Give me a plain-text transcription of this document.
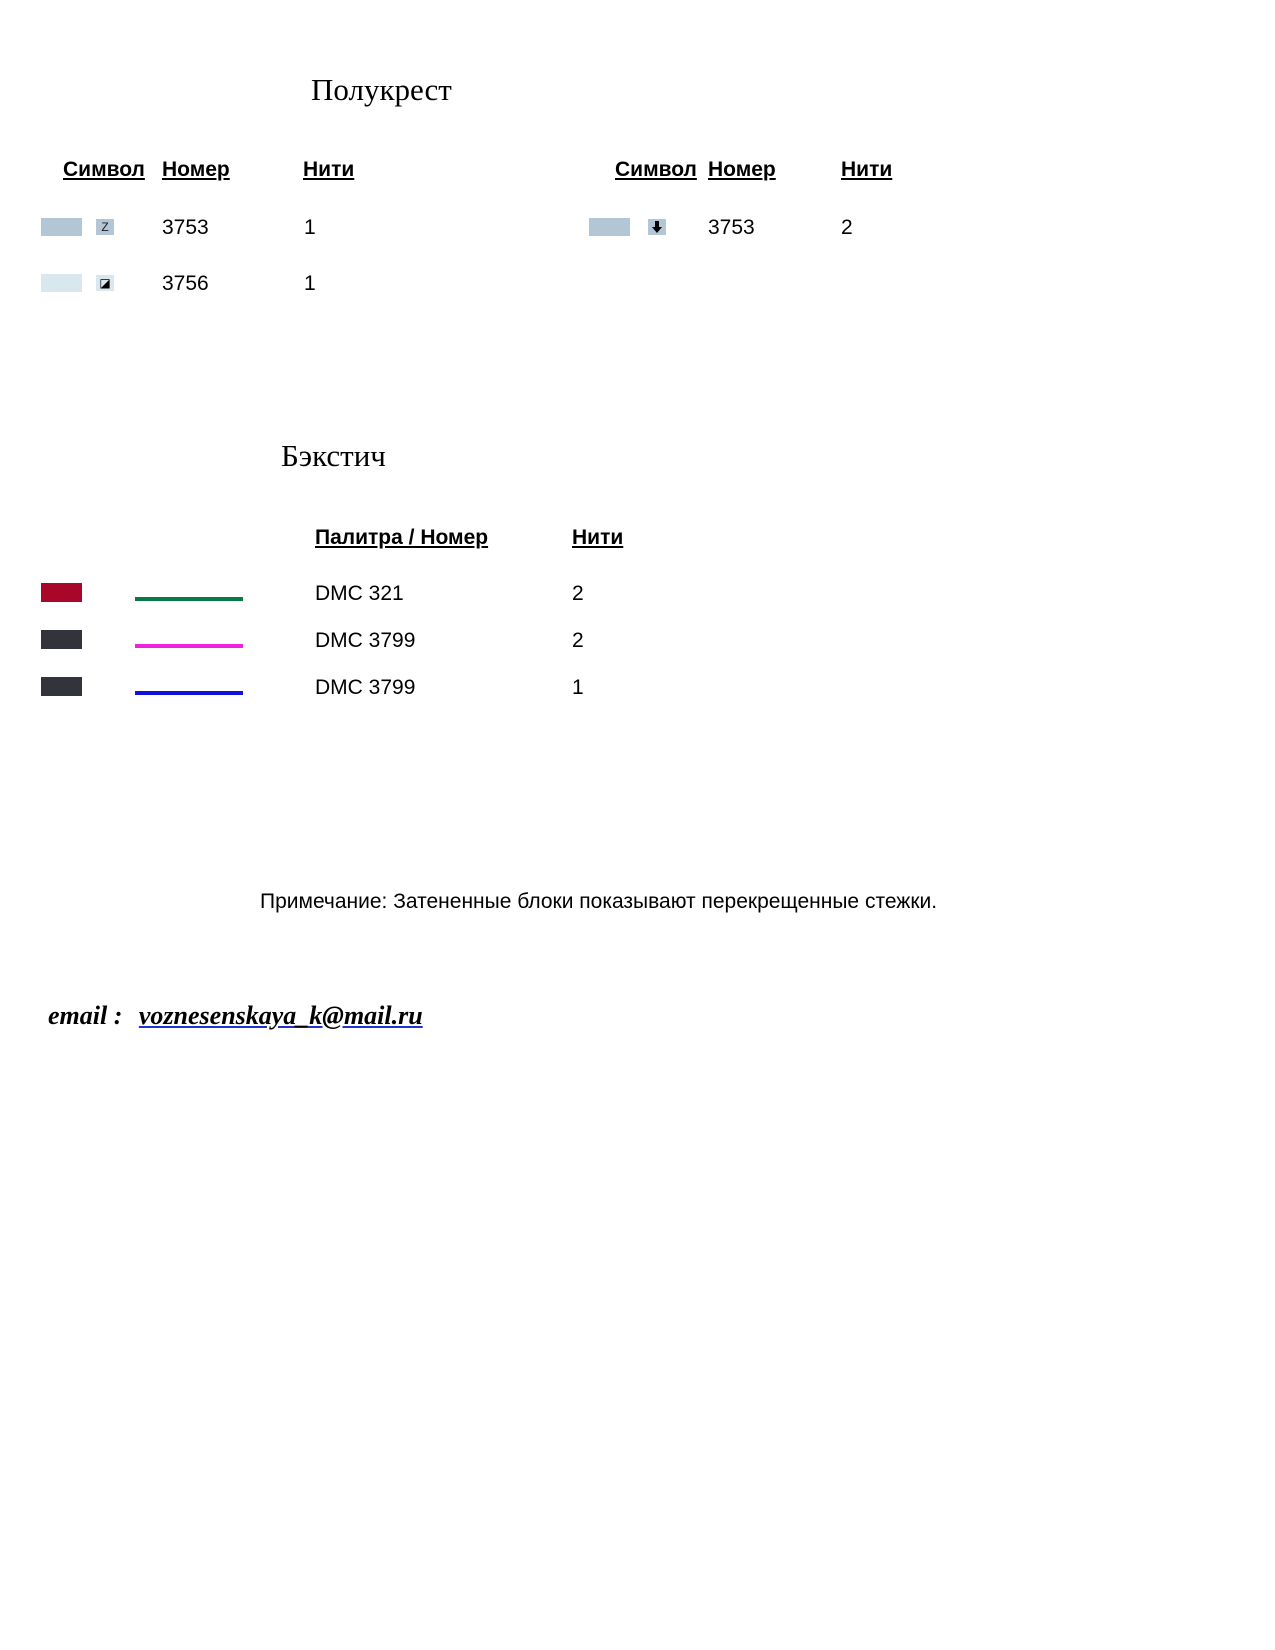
Полукрест
Символ Номер	Нити
Z	3753	1
◪ 3756	1
Символ Номер	Нити
3753	2
Бэкстич
Палитра / Номер	Нити
DMC 321	2
DMC 3799	2
DMC 3799	1
Примечание: Затененные блоки показывают перекрещенные стежки.
email : voznesenskaya_k@mail.ru
